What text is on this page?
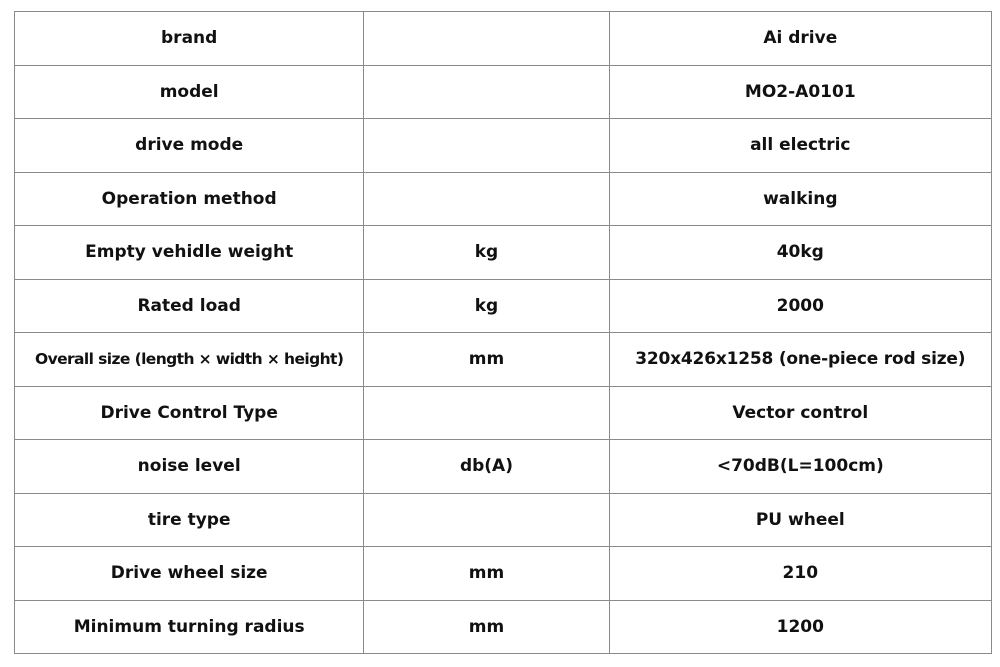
brand		Ai drive
model		MO2-A0101
drive mode		all electric
Operation method		walking
Empty vehidle weight	kg	40kg
Rated load	kg	2000
Overall size (length × width × height)	mm	320x426x1258 (one-piece rod size)
Drive Control Type		Vector control
noise level	db(A)	<70dB(L=100cm)
tire type		PU wheel
Drive wheel size	mm	210
Minimum turning radius	mm	1200
